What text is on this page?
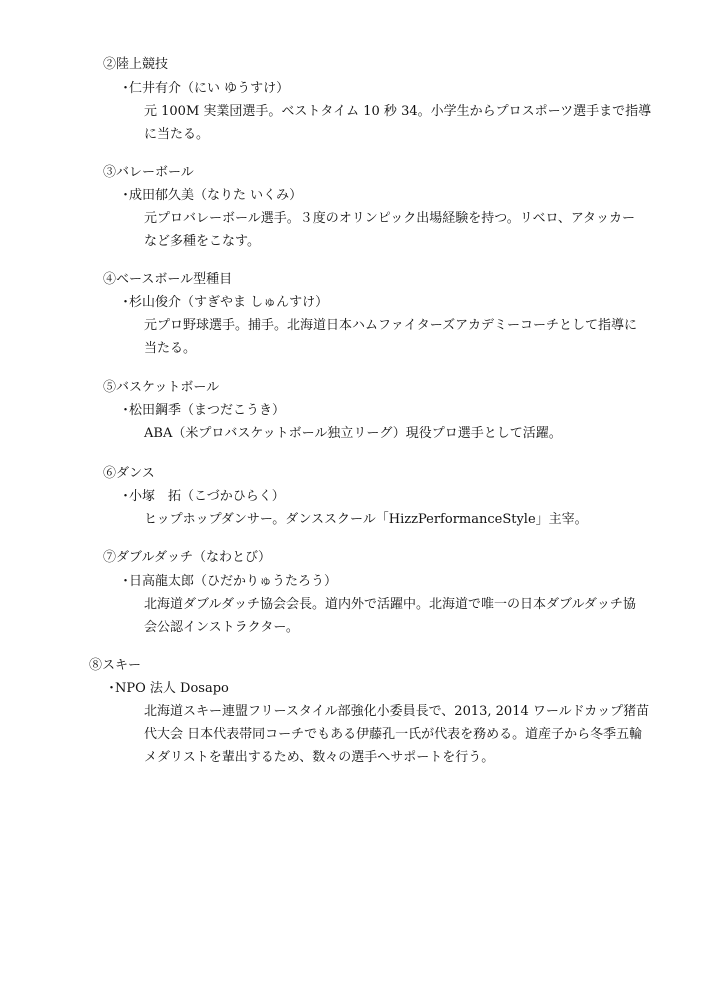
②陸上競技
・仁井有介（にい ゆうすけ）
元 100M 実業団選手。ベストタイム 10 秒 34。小学生からプロスポーツ選手まで指導
に当たる。
③バレーボール
・成田郁久美（なりた いくみ）
元プロバレーボール選手。３度のオリンピック出場経験を持つ。リベロ、アタッカー
など多種をこなす。
④ベースボール型種目
・杉山俊介（すぎやま しゅんすけ）
元プロ野球選手。捕手。北海道日本ハムファイターズアカデミーコーチとして指導に
当たる。
⑤バスケットボール
・松田鋼季（まつだこうき）
ABA（米プロバスケットボール独立リーグ）現役プロ選手として活躍。
⑥ダンス
・小塚　拓（こづかひらく）
ヒップホップダンサー。ダンススクール「HizzPerformanceStyle」主宰。
⑦ダブルダッチ（なわとび）
・日高龍太郎（ひだかりゅうたろう）
北海道ダブルダッチ協会会長。道内外で活躍中。北海道で唯一の日本ダブルダッチ協
会公認インストラクター。
⑧スキー
・NPO 法人 Dosapo
北海道スキー連盟フリースタイル部強化小委員長で、2013, 2014 ワールドカップ猪苗
代大会 日本代表帯同コーチでもある伊藤孔一氏が代表を務める。道産子から冬季五輪
メダリストを輩出するため、数々の選手へサポートを行う。
